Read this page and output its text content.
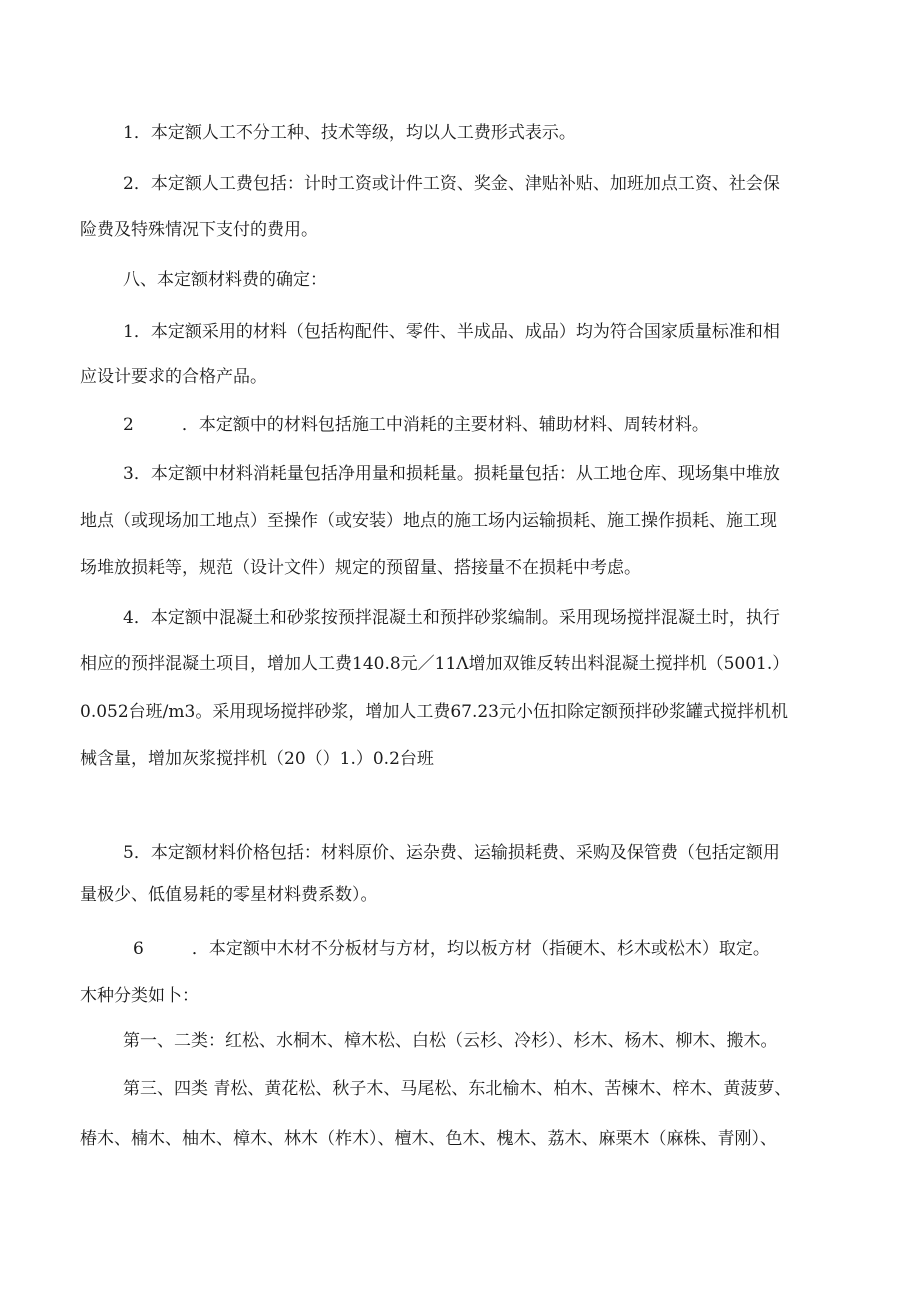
1．本定额人工不分工种、技术等级，均以人工费形式表示。
2．本定额人工费包括：计时工资或计件工资、奖金、津贴补贴、加班加点工资、社会保
险费及特殊情况下支付的费用。
八、本定额材料费的确定：
1．本定额采用的材料（包括构配件、零件、半成品、成品）均为符合国家质量标准和相
应设计要求的合格产品。
2	．本定额中的材料包括施工中消耗的主要材料、辅助材料、周转材料。
3．本定额中材料消耗量包括净用量和损耗量。损耗量包括：从工地仓库、现场集中堆放
地点（或现场加工地点）至操作（或安装）地点的施工场内运输损耗、施工操作损耗、施工现
场堆放损耗等，规范（设计文件）规定的预留量、搭接量不在损耗中考虑。
4．本定额中混凝土和砂浆按预拌混凝土和预拌砂浆编制。采用现场搅拌混凝土时，执行
相应的预拌混凝土项目，增加人工费140.8元／11Λ增加双锥反转出料混凝土搅拌机（5001.）
0.052台班/m3。采用现场搅拌砂浆，增加人工费67.23元小伍扣除定额预拌砂浆罐式搅拌机机
械含量，增加灰浆搅拌机（20（）1.）0.2台班
5．本定额材料价格包括：材料原价、运杂费、运输损耗费、采购及保管费（包括定额用
量极少、低值易耗的零星材料费系数）。
6	．本定额中木材不分板材与方材，均以板方材（指硬木、杉木或松木）取定。
木种分类如卜：
第一、二类：红松、水桐木、樟木松、白松（云杉、冷杉）、杉木、杨木、柳木、搬木。
第三、四类 青松、黄花松、秋子木、马尾松、东北榆木、柏木、苦楝木、梓木、黄菠萝、
椿木、楠木、柚木、樟木、林木（柞木）、檀木、色木、槐木、荔木、麻栗木（麻株、青刚）、
